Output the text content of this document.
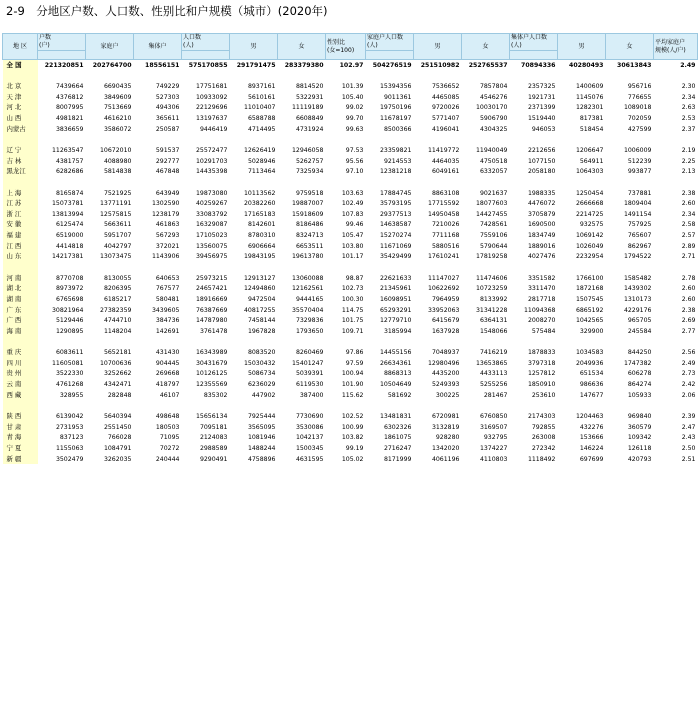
2-9　分地区户数、人口数、性别比和户规模（城市）(2020年)
地 区	户数
(户)	家庭户	集体户	人口数
(人)	男	女	性别比
(女=100)	家庭户人口数
(人)	男	女	集体户人口数
(人)	男	女	平均家庭户
规模(人/户)

全 国	221320851	202764700	18556151	575170855	291791475	283379380	102.97	504276519	251510982	252765537	70894336	40280493	30613843	2.49

北 京	7439664	6690435	749229	17751681	8937161	8814520	101.39	15394356	7536652	7857804	2357325	1400609	956716	2.30
天 津	4376812	3849609	527303	10933092	5610161	5322931	105.40	9011361	4465085	4546276	1921731	1145076	776655	2.34
河 北	8007995	7513669	494306	22129696	11010407	11119189	99.02	19750196	9720026	10030170	2371399	1282301	1089018	2.63
山 西	4981821	4616210	365611	13197637	6588788	6608849	99.70	11678197	5771407	5906790	1519440	817381	702059	2.53
内蒙古	3836659	3586072	250587	9446419	4714495	4731924	99.63	8500366	4196041	4304325	946053	518454	427599	2.37

辽 宁	11263547	10672010	591537	25572477	12626419	12946058	97.53	23359821	11419772	11940049	2212656	1206647	1006009	2.19
吉 林	4381757	4088980	292777	10291703	5028946	5262757	95.56	9214553	4464035	4750518	1077150	564911	512239	2.25
黑龙江	6282686	5814838	467848	14435398	7113464	7325934	97.10	12381218	6049161	6332057	2058180	1064303	993877	2.13

上 海	8165874	7521925	643949	19873080	10113562	9759518	103.63	17884745	8863108	9021637	1988335	1250454	737881	2.38
江 苏	15073781	13771191	1302590	40259267	20382260	19887007	102.49	35793195	17715592	18077603	4476072	2666668	1809404	2.60
浙 江	13813994	12575815	1238179	33083792	17165183	15918609	107.83	29377513	14950458	14427455	3705879	2214725	1491154	2.34
安 徽	6125474	5663611	461863	16329087	8142601	8186486	99.46	14638587	7210026	7428561	1690500	932575	757925	2.58
福 建	6519000	5951707	567293	17105023	8780310	8324713	105.47	15270274	7711168	7559106	1834749	1069142	765607	2.57
江 西	4414818	4042797	372021	13560075	6906664	6653511	103.80	11671069	5880516	5790644	1889016	1026049	862967	2.89
山 东	14217381	13073475	1143906	39456975	19843195	19613780	101.17	35429499	17610241	17819258	4027476	2232954	1794522	2.71

河 南	8770708	8130055	640653	25973215	12913127	13060088	98.87	22621633	11147027	11474606	3351582	1766100	1585482	2.78
湖 北	8973972	8206395	767577	24657421	12494860	12162561	102.73	21345961	10622692	10723259	3311470	1872168	1439302	2.60
湖 南	6765698	6185217	580481	18916669	9472504	9444165	100.30	16098951	7964959	8133992	2817718	1507545	1310173	2.60
广 东	30821964	27382359	3439605	76387669	40817255	35570404	114.75	65293291	33952063	31341228	11094368	6865192	4229176	2.38
广 西	5129446	4744710	384736	14787980	7458144	7329836	101.75	12779710	6415679	6364131	2008270	1042565	965705	2.69
海 南	1290895	1148204	142691	3761478	1967828	1793650	109.71	3185994	1637928	1548066	575484	329900	245584	2.77

重 庆	6083611	5652181	431430	16343989	8083520	8260469	97.86	14455156	7048937	7416219	1878833	1034583	844250	2.56
四 川	11605081	10700636	904445	30431679	15030432	15401247	97.59	26634361	12980496	13653865	3797318	2049936	1747382	2.49
贵 州	3522330	3252662	269668	10126125	5086734	5039391	100.94	8868313	4435200	4433113	1257812	651534	606278	2.73
云 南	4761268	4342471	418797	12355569	6236029	6119530	101.90	10504649	5249393	5255256	1850910	986636	864274	2.42
西 藏	328955	282848	46107	835302	447902	387400	115.62	581692	300225	281467	253610	147677	105933	2.06

陕 西	6139042	5640394	498648	15656134	7925444	7730690	102.52	13481831	6720981	6760850	2174303	1204463	969840	2.39
甘 肃	2731953	2551450	180503	7095181	3565095	3530086	100.99	6302326	3132819	3169507	792855	432276	360579	2.47
青 海	837123	766028	71095	2124083	1081946	1042137	103.82	1861075	928280	932795	263008	153666	109342	2.43
宁 夏	1155063	1084791	70272	2988589	1488244	1500345	99.19	2716247	1342020	1374227	272342	146224	126118	2.50
新 疆	3502479	3262035	240444	9290491	4758896	4631595	105.02	8171999	4061196	4110803	1118492	697699	420793	2.51
